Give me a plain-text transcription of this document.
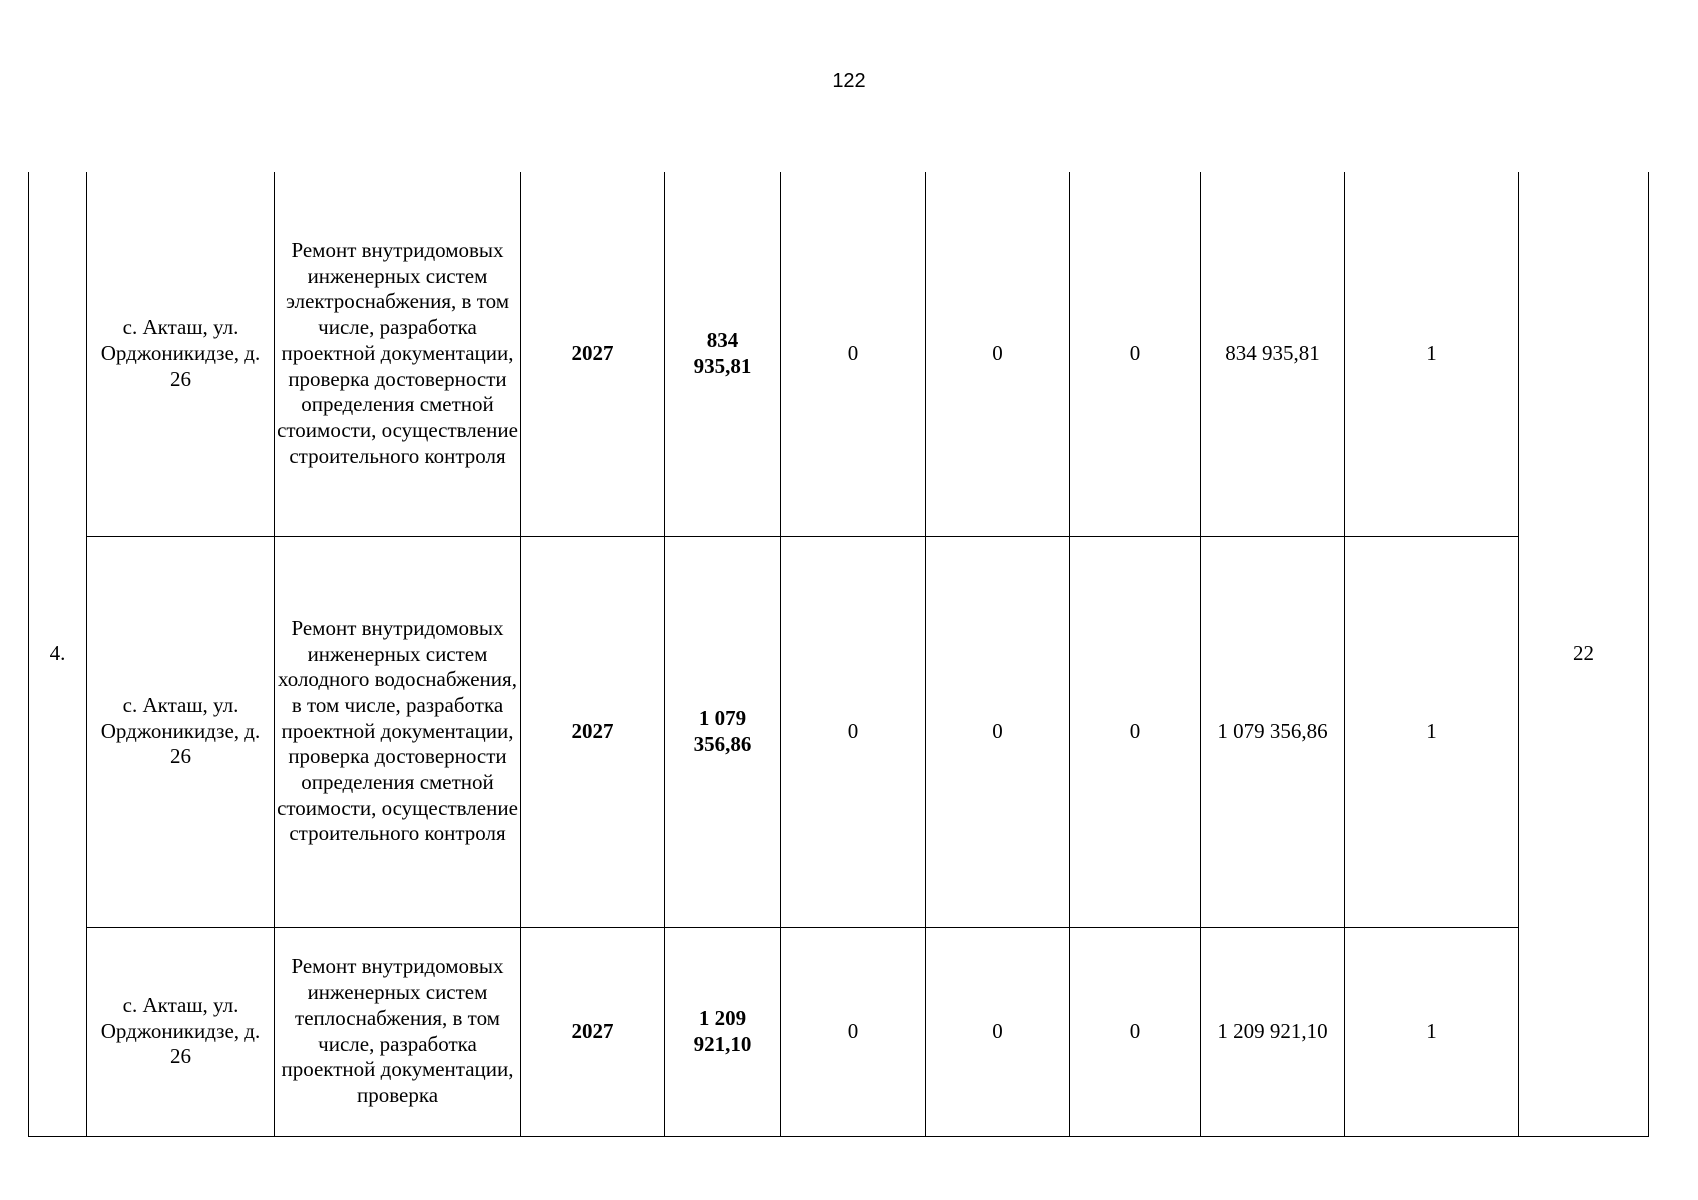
122
4.	с. Акташ, ул. Орджоникидзе, д. 26	Ремонт внутридомовых инженерных систем электроснабжения, в том числе, разработка проектной документации, проверка достоверности определения сметной стоимости, осуществление строительного контроля	2027	834 935,81	0	0	0	834 935,81	1	22
	с. Акташ, ул. Орджоникидзе, д. 26	Ремонт внутридомовых инженерных систем холодного водоснабжения, в том числе, разработка проектной документации, проверка достоверности определения сметной стоимости, осуществление строительного контроля	2027	1 079 356,86	0	0	0	1 079 356,86	1	
	с. Акташ, ул. Орджоникидзе, д. 26	Ремонт внутридомовых инженерных систем теплоснабжения, в том числе, разработка проектной документации, проверка	2027	1 209 921,10	0	0	0	1 209 921,10	1	
